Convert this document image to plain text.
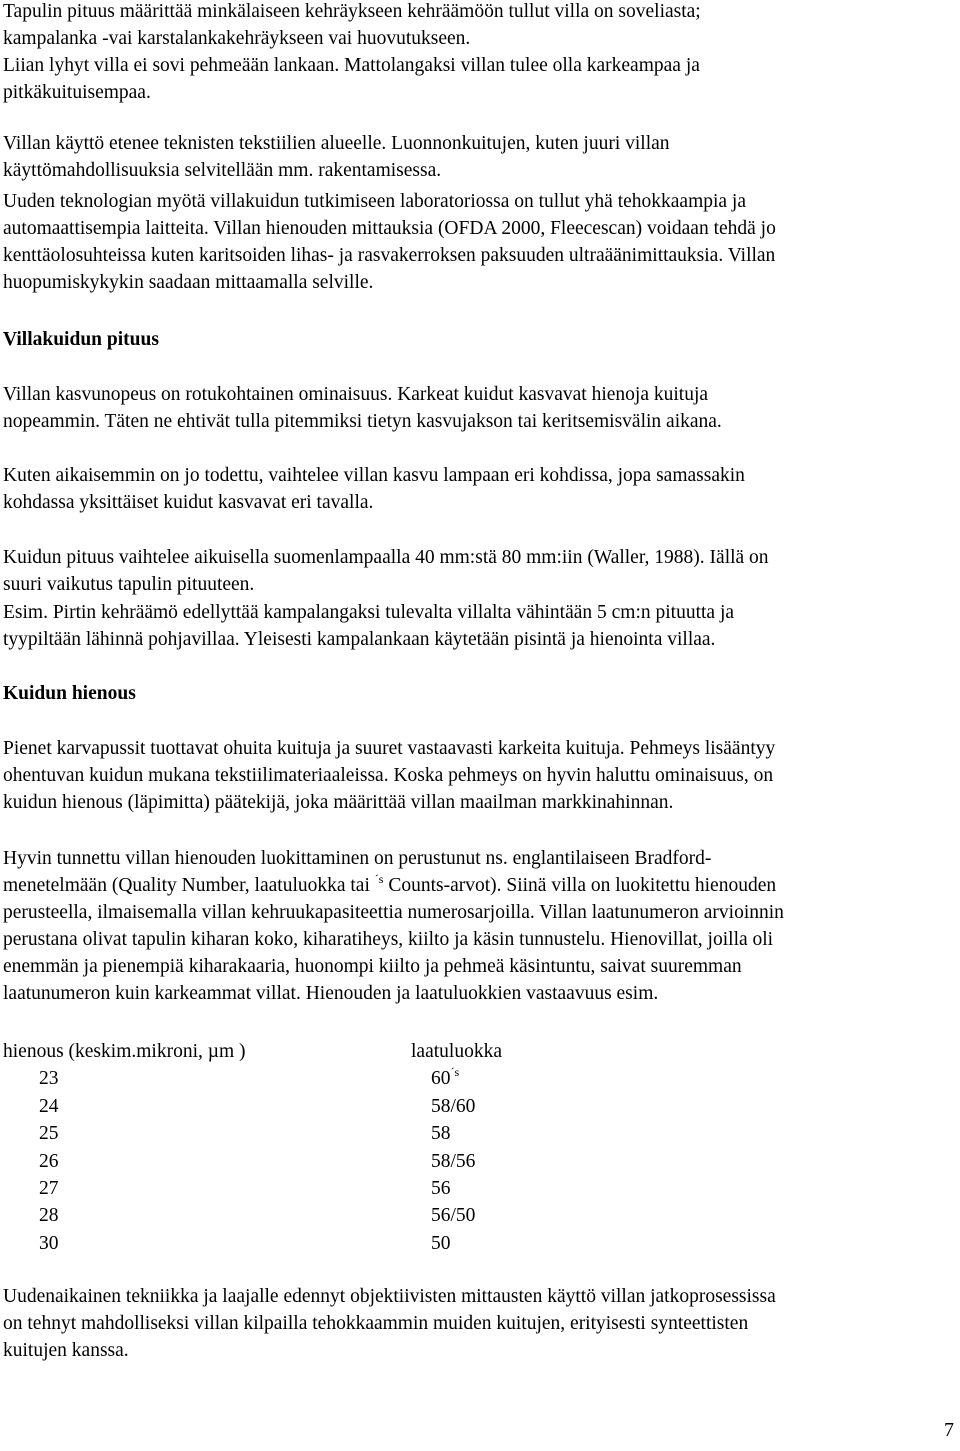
Tapulin pituus määrittää minkälaiseen kehräykseen kehräämöön tullut villa on soveliasta;
kampalanka -vai karstalankakehräykseen vai huovutukseen.
Liian lyhyt villa ei sovi pehmeään lankaan. Mattolangaksi villan tulee olla karkeampaa ja
pitkäkuituisempaa.

Villan käyttö etenee teknisten tekstiilien alueelle. Luonnonkuitujen, kuten juuri villan
käyttömahdollisuuksia selvitellään mm. rakentamisessa.

Uuden teknologian myötä villakuidun tutkimiseen laboratoriossa on tullut yhä tehokkaampia ja
automaattisempia laitteita. Villan hienouden mittauksia (OFDA 2000, Fleecescan) voidaan tehdä jo
kenttäolosuhteissa kuten karitsoiden lihas- ja rasvakerroksen paksuuden ultraäänimittauksia. Villan
huopumiskykykin saadaan mittaamalla selville.

Villakuidun pituus

Villan kasvunopeus on rotukohtainen ominaisuus. Karkeat kuidut kasvavat hienoja kuituja
nopeammin. Täten ne ehtivät tulla pitemmiksi tietyn kasvujakson tai keritsemisvälin aikana.

Kuten aikaisemmin on jo todettu, vaihtelee villan kasvu lampaan eri kohdissa, jopa samassakin
kohdassa yksittäiset kuidut kasvavat eri tavalla.

Kuidun pituus vaihtelee aikuisella suomenlampaalla 40 mm:stä 80 mm:iin (Waller, 1988). Iällä on
suuri vaikutus tapulin pituuteen.

Esim. Pirtin kehräämö edellyttää kampalangaksi tulevalta villalta vähintään 5 cm:n pituutta ja
tyypiltään lähinnä pohjavillaa. Yleisesti kampalankaan käytetään pisintä ja hienointa villaa.

Kuidun hienous

Pienet karvapussit tuottavat ohuita kuituja ja suuret vastaavasti karkeita kuituja. Pehmeys lisääntyy
ohentuvan kuidun mukana tekstiilimateriaaleissa. Koska pehmeys on hyvin haluttu ominaisuus, on
kuidun hienous (läpimitta) päätekijä, joka määrittää villan maailman markkinahinnan.

Hyvin tunnettu villan hienouden luokittaminen on perustunut ns. englantilaiseen Bradford-
menetelmään (Quality Number, laatuluokka tai $^{´s}$ Counts-arvot). Siinä villa on luokitettu hienouden
perusteella, ilmaisemalla villan kehruukapasiteettia numerosarjoilla. Villan laatunumeron arvioinnin
perustana olivat tapulin kiharan koko, kiharatiheys, kiilto ja käsin tunnustelu. Hienovillat, joilla oli
enemmän ja pienempiä kiharakaaria, huonompi kiilto ja pehmeä käsintuntu, saivat suuremman
laatunumeron kuin karkeammat villat. Hienouden ja laatuluokkien vastaavuus esim.

hienous (keskim.mikroni, µm )	laatuluokka
23	$60^{´s}$
24	58/60
25	58
26	58/56
27	56
28	56/50
30	50

Uudenaikainen tekniikka ja laajalle edennyt objektiivisten mittausten käyttö villan jatkoprosessissa
on tehnyt mahdolliseksi villan kilpailla tehokkaammin muiden kuitujen, erityisesti synteettisten
kuitujen kanssa.

7
